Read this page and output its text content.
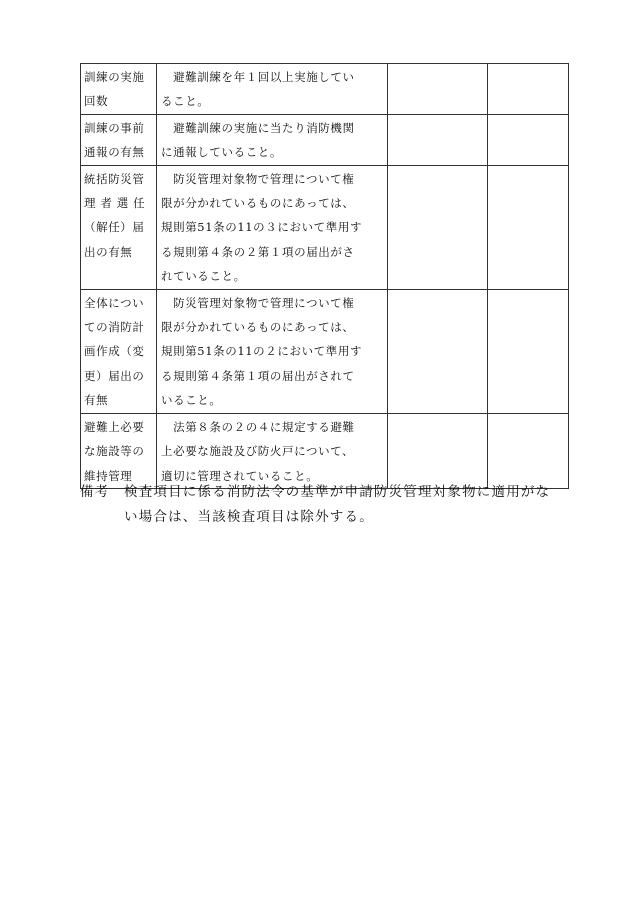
訓練の実施
回数	　避難訓練を年１回以上実施してい
ること。		

訓練の事前
通報の有無	　避難訓練の実施に当たり消防機関
に通報していること。		

統括防災管
理 者 選 任
（解任）届
出の有無	　防災管理対象物で管理について権
限が分かれているものにあっては、
規則第51条の11の３において準用す
る規則第４条の２第１項の届出がさ
れていること。		

全体につい
ての消防計
画作成（変
更）届出の
有無	　防災管理対象物で管理について権
限が分かれているものにあっては、
規則第51条の11の２において準用す
る規則第４条第１項の届出がされて
いること。		

避難上必要
な施設等の
維持管理	　法第８条の２の４に規定する避難
上必要な施設及び防火戸について、
適切に管理されていること。		

備考 検査項目に係る消防法令の基準が申請防災管理対象物に適用がな
い場合は、当該検査項目は除外する。
